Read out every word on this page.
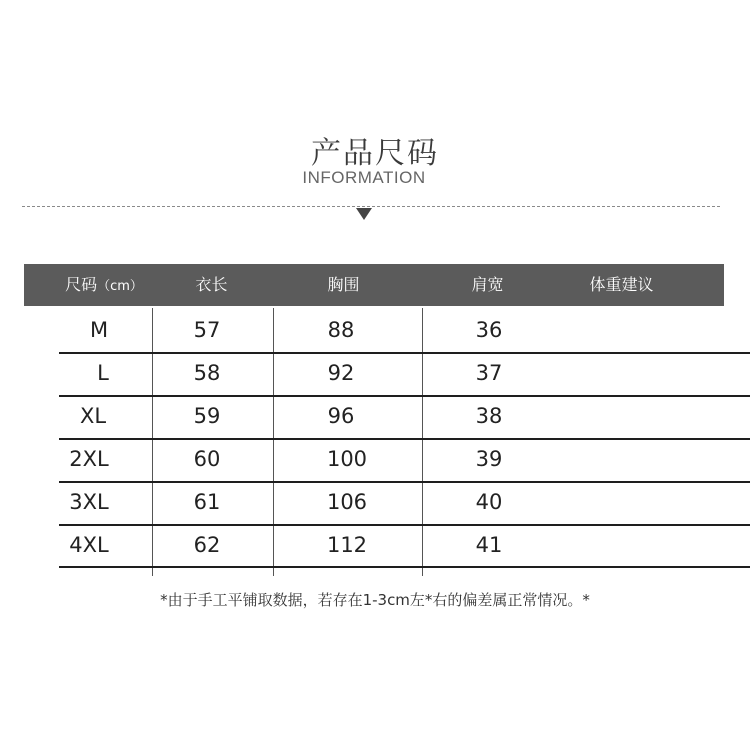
产品尺码
INFORMATION
尺码（cm）	衣长	胸围	肩宽	体重建议
M	57	88	36
L	58	92	37
XL	59	96	38
2XL	60	100	39
3XL	61	106	40
4XL	62	112	41
*由于手工平铺取数据，若存在1-3cm左*右的偏差属正常情况。*
